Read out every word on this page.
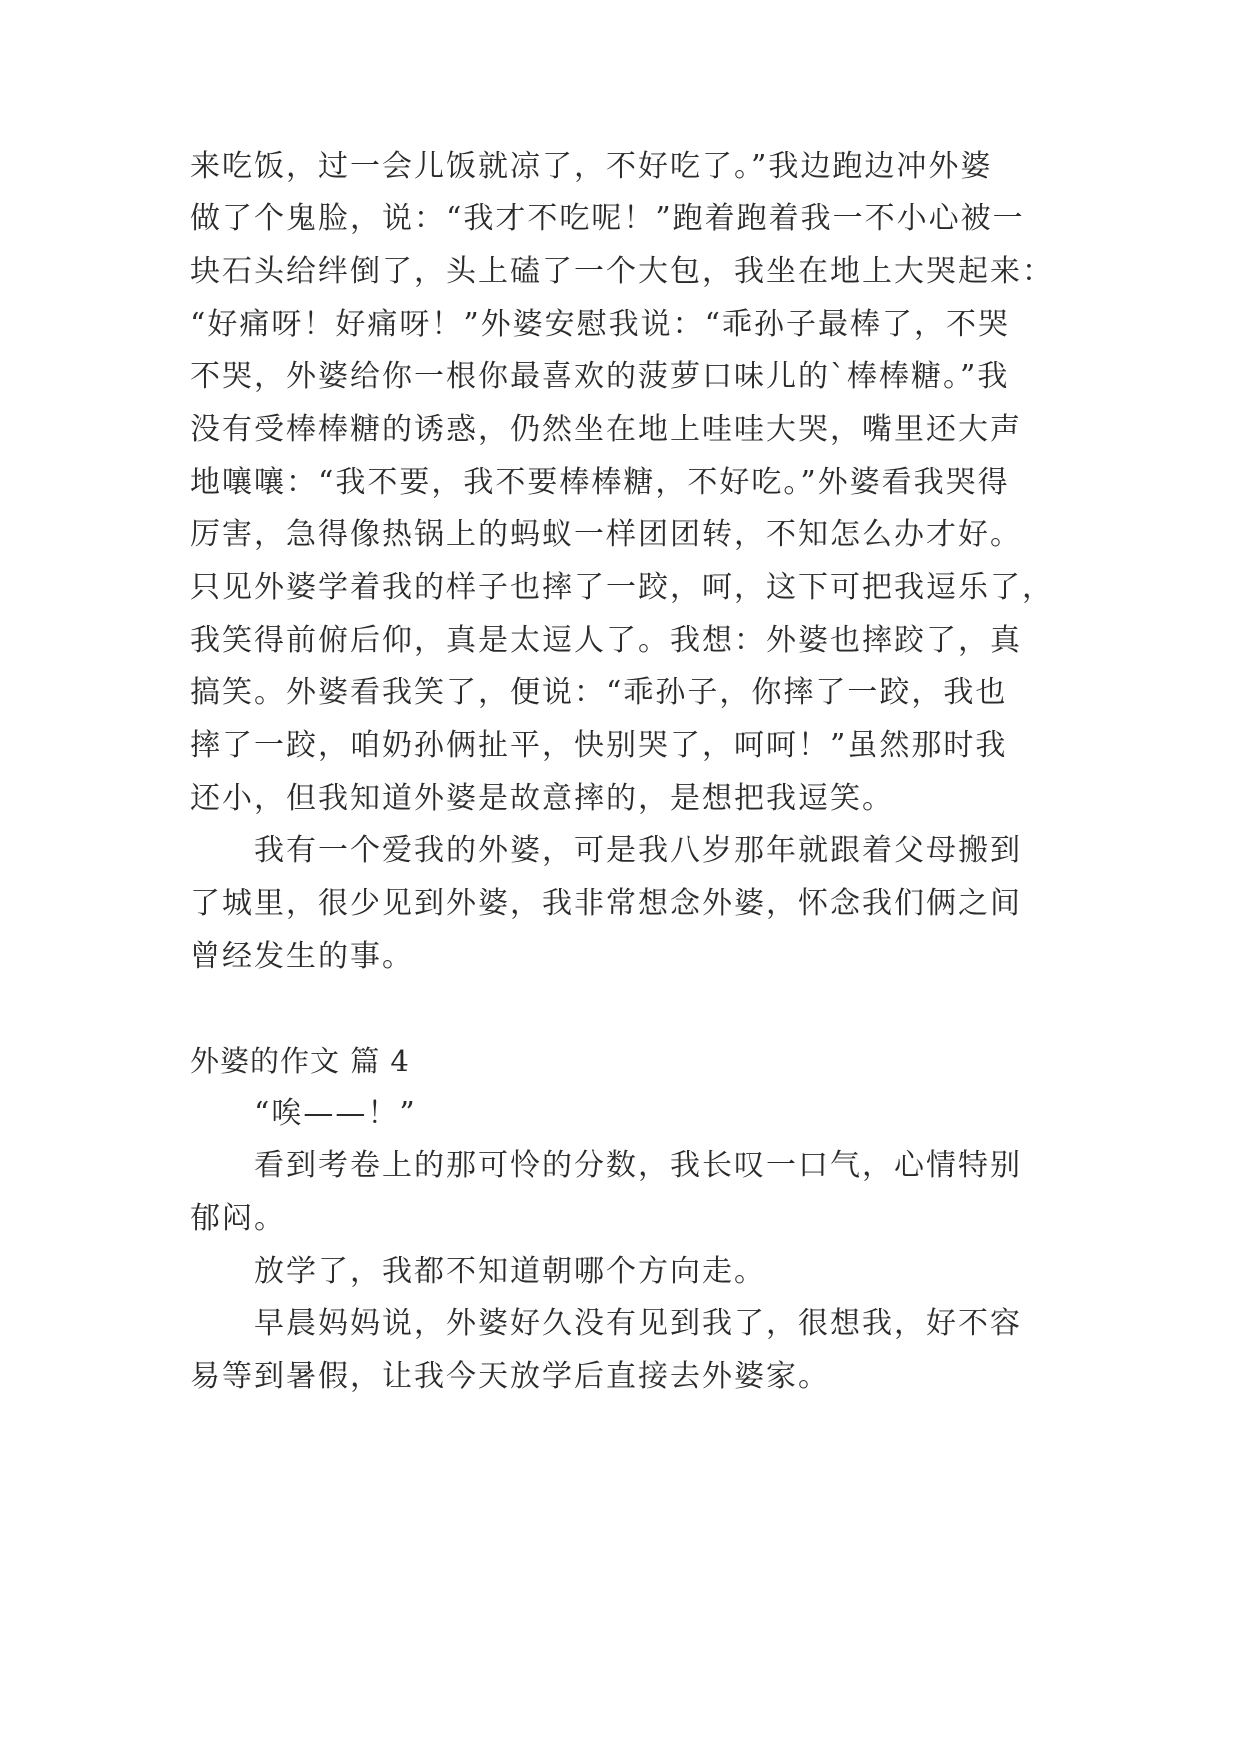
来吃饭，过一会儿饭就凉了，不好吃了。”我边跑边冲外婆
做了个鬼脸，说：“我才不吃呢！”跑着跑着我一不小心被一
块石头给绊倒了，头上磕了一个大包，我坐在地上大哭起来：
“好痛呀！好痛呀！”外婆安慰我说：“乖孙子最棒了，不哭
不哭，外婆给你一根你最喜欢的菠萝口味儿的`棒棒糖。”我
没有受棒棒糖的诱惑，仍然坐在地上哇哇大哭，嘴里还大声
地嚷嚷：“我不要，我不要棒棒糖，不好吃。”外婆看我哭得
厉害，急得像热锅上的蚂蚁一样团团转，不知怎么办才好。
只见外婆学着我的样子也摔了一跤，呵，这下可把我逗乐了，
我笑得前俯后仰，真是太逗人了。我想：外婆也摔跤了，真
搞笑。外婆看我笑了，便说：“乖孙子，你摔了一跤，我也
摔了一跤，咱奶孙俩扯平，快别哭了，呵呵！”虽然那时我
还小，但我知道外婆是故意摔的，是想把我逗笑。
　　我有一个爱我的外婆，可是我八岁那年就跟着父母搬到
了城里，很少见到外婆，我非常想念外婆，怀念我们俩之间
曾经发生的事。
外婆的作文 篇 4
　　“唉——！”
　　看到考卷上的那可怜的分数，我长叹一口气，心情特别
郁闷。
　　放学了，我都不知道朝哪个方向走。
　　早晨妈妈说，外婆好久没有见到我了，很想我，好不容
易等到暑假，让我今天放学后直接去外婆家。
